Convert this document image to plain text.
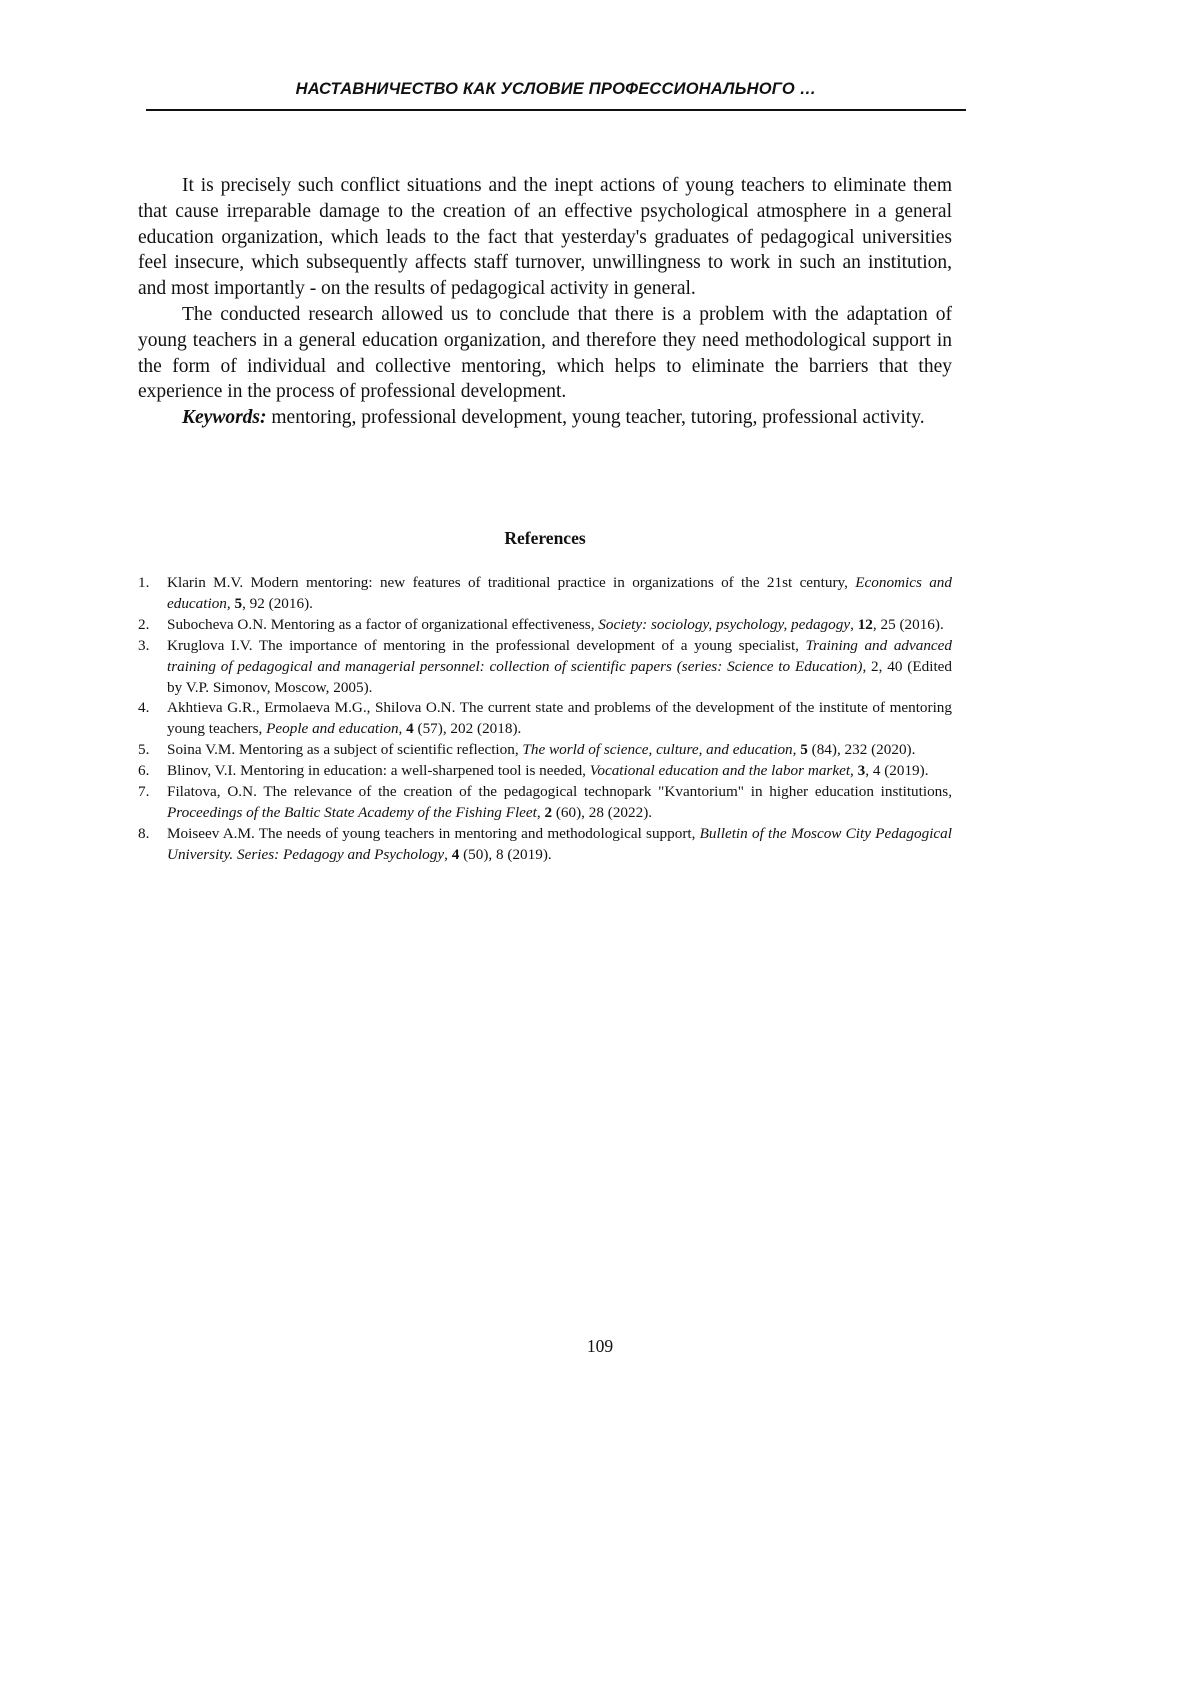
НАСТАВНИЧЕСТВО КАК УСЛОВИЕ ПРОФЕССИОНАЛЬНОГО …

It is precisely such conflict situations and the inept actions of young teachers to eliminate them that cause irreparable damage to the creation of an effective psychological atmosphere in a general education organization, which leads to the fact that yesterday's graduates of pedagogical universities feel insecure, which subsequently affects staff turnover, unwillingness to work in such an institution, and most importantly - on the results of pedagogical activity in general.

The conducted research allowed us to conclude that there is a problem with the adaptation of young teachers in a general education organization, and therefore they need methodological support in the form of individual and collective mentoring, which helps to eliminate the barriers that they experience in the process of professional development.

Keywords: mentoring, professional development, young teacher, tutoring, professional activity.

References
1. Klarin M.V. Modern mentoring: new features of traditional practice in organizations of the 21st century, Economics and education, 5, 92 (2016).
2. Subocheva O.N. Mentoring as a factor of organizational effectiveness, Society: sociology, psychology, pedagogy, 12, 25 (2016).
3. Kruglova I.V. The importance of mentoring in the professional development of a young specialist, Training and advanced training of pedagogical and managerial personnel: collection of scientific papers (series: Science to Education), 2, 40 (Edited by V.P. Simonov, Moscow, 2005).
4. Akhtieva G.R., Ermolaeva M.G., Shilova O.N. The current state and problems of the development of the institute of mentoring young teachers, People and education, 4 (57), 202 (2018).
5. Soina V.M. Mentoring as a subject of scientific reflection, The world of science, culture, and education, 5 (84), 232 (2020).
6. Blinov, V.I. Mentoring in education: a well-sharpened tool is needed, Vocational education and the labor market, 3, 4 (2019).
7. Filatova, O.N. The relevance of the creation of the pedagogical technopark "Kvantorium" in higher education institutions, Proceedings of the Baltic State Academy of the Fishing Fleet, 2 (60), 28 (2022).
8. Moiseev A.M. The needs of young teachers in mentoring and methodological support, Bulletin of the Moscow City Pedagogical University. Series: Pedagogy and Psychology, 4 (50), 8 (2019).
109
